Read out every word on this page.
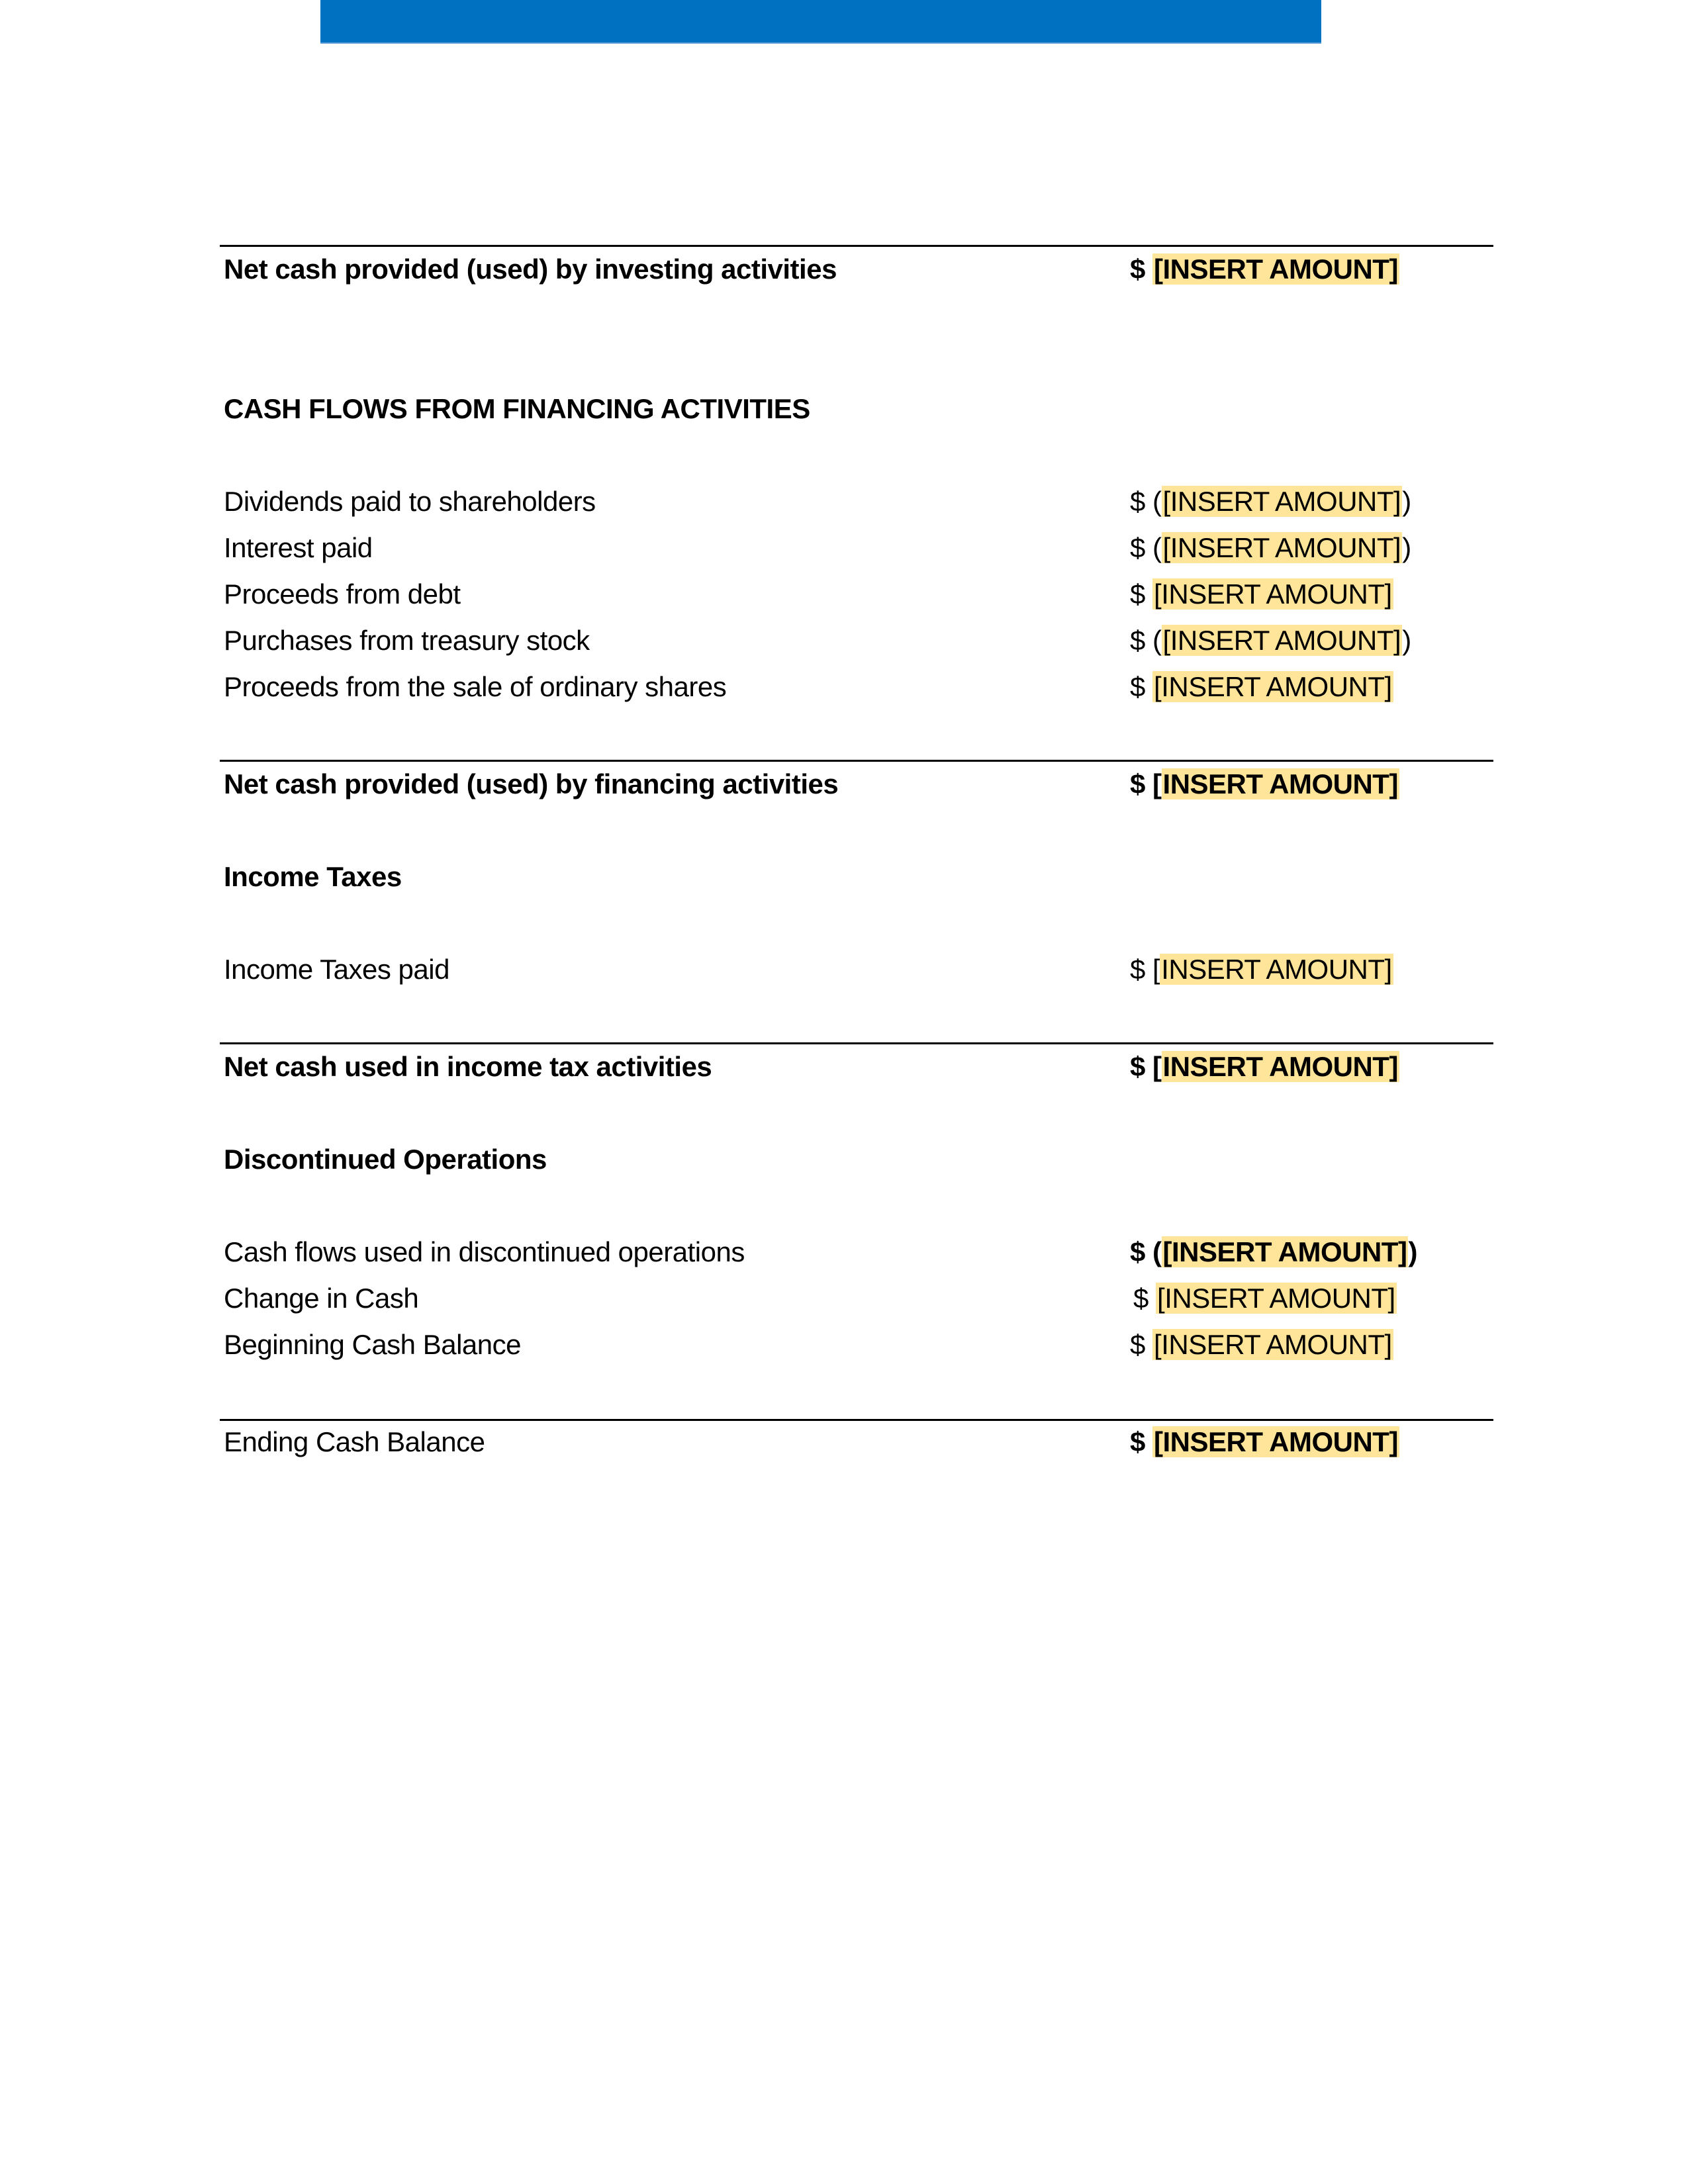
Net cash provided (used) by investing activities	$ [INSERT AMOUNT]
CASH FLOWS FROM FINANCING ACTIVITIES
Dividends paid to shareholders	$ ([INSERT AMOUNT])
Interest paid	$ ([INSERT AMOUNT])
Proceeds from debt	$ [INSERT AMOUNT]
Purchases from treasury stock	$ ([INSERT AMOUNT])
Proceeds from the sale of ordinary shares	$ [INSERT AMOUNT]
Net cash provided (used) by financing activities	$ [INSERT AMOUNT]
Income Taxes
Income Taxes paid	$ [INSERT AMOUNT]
Net cash used in income tax activities	$ [INSERT AMOUNT]
Discontinued Operations
Cash flows used in discontinued operations	$ ([INSERT AMOUNT])
Change in Cash	$ [INSERT AMOUNT]
Beginning Cash Balance	$ [INSERT AMOUNT]
Ending Cash Balance	$ [INSERT AMOUNT]
